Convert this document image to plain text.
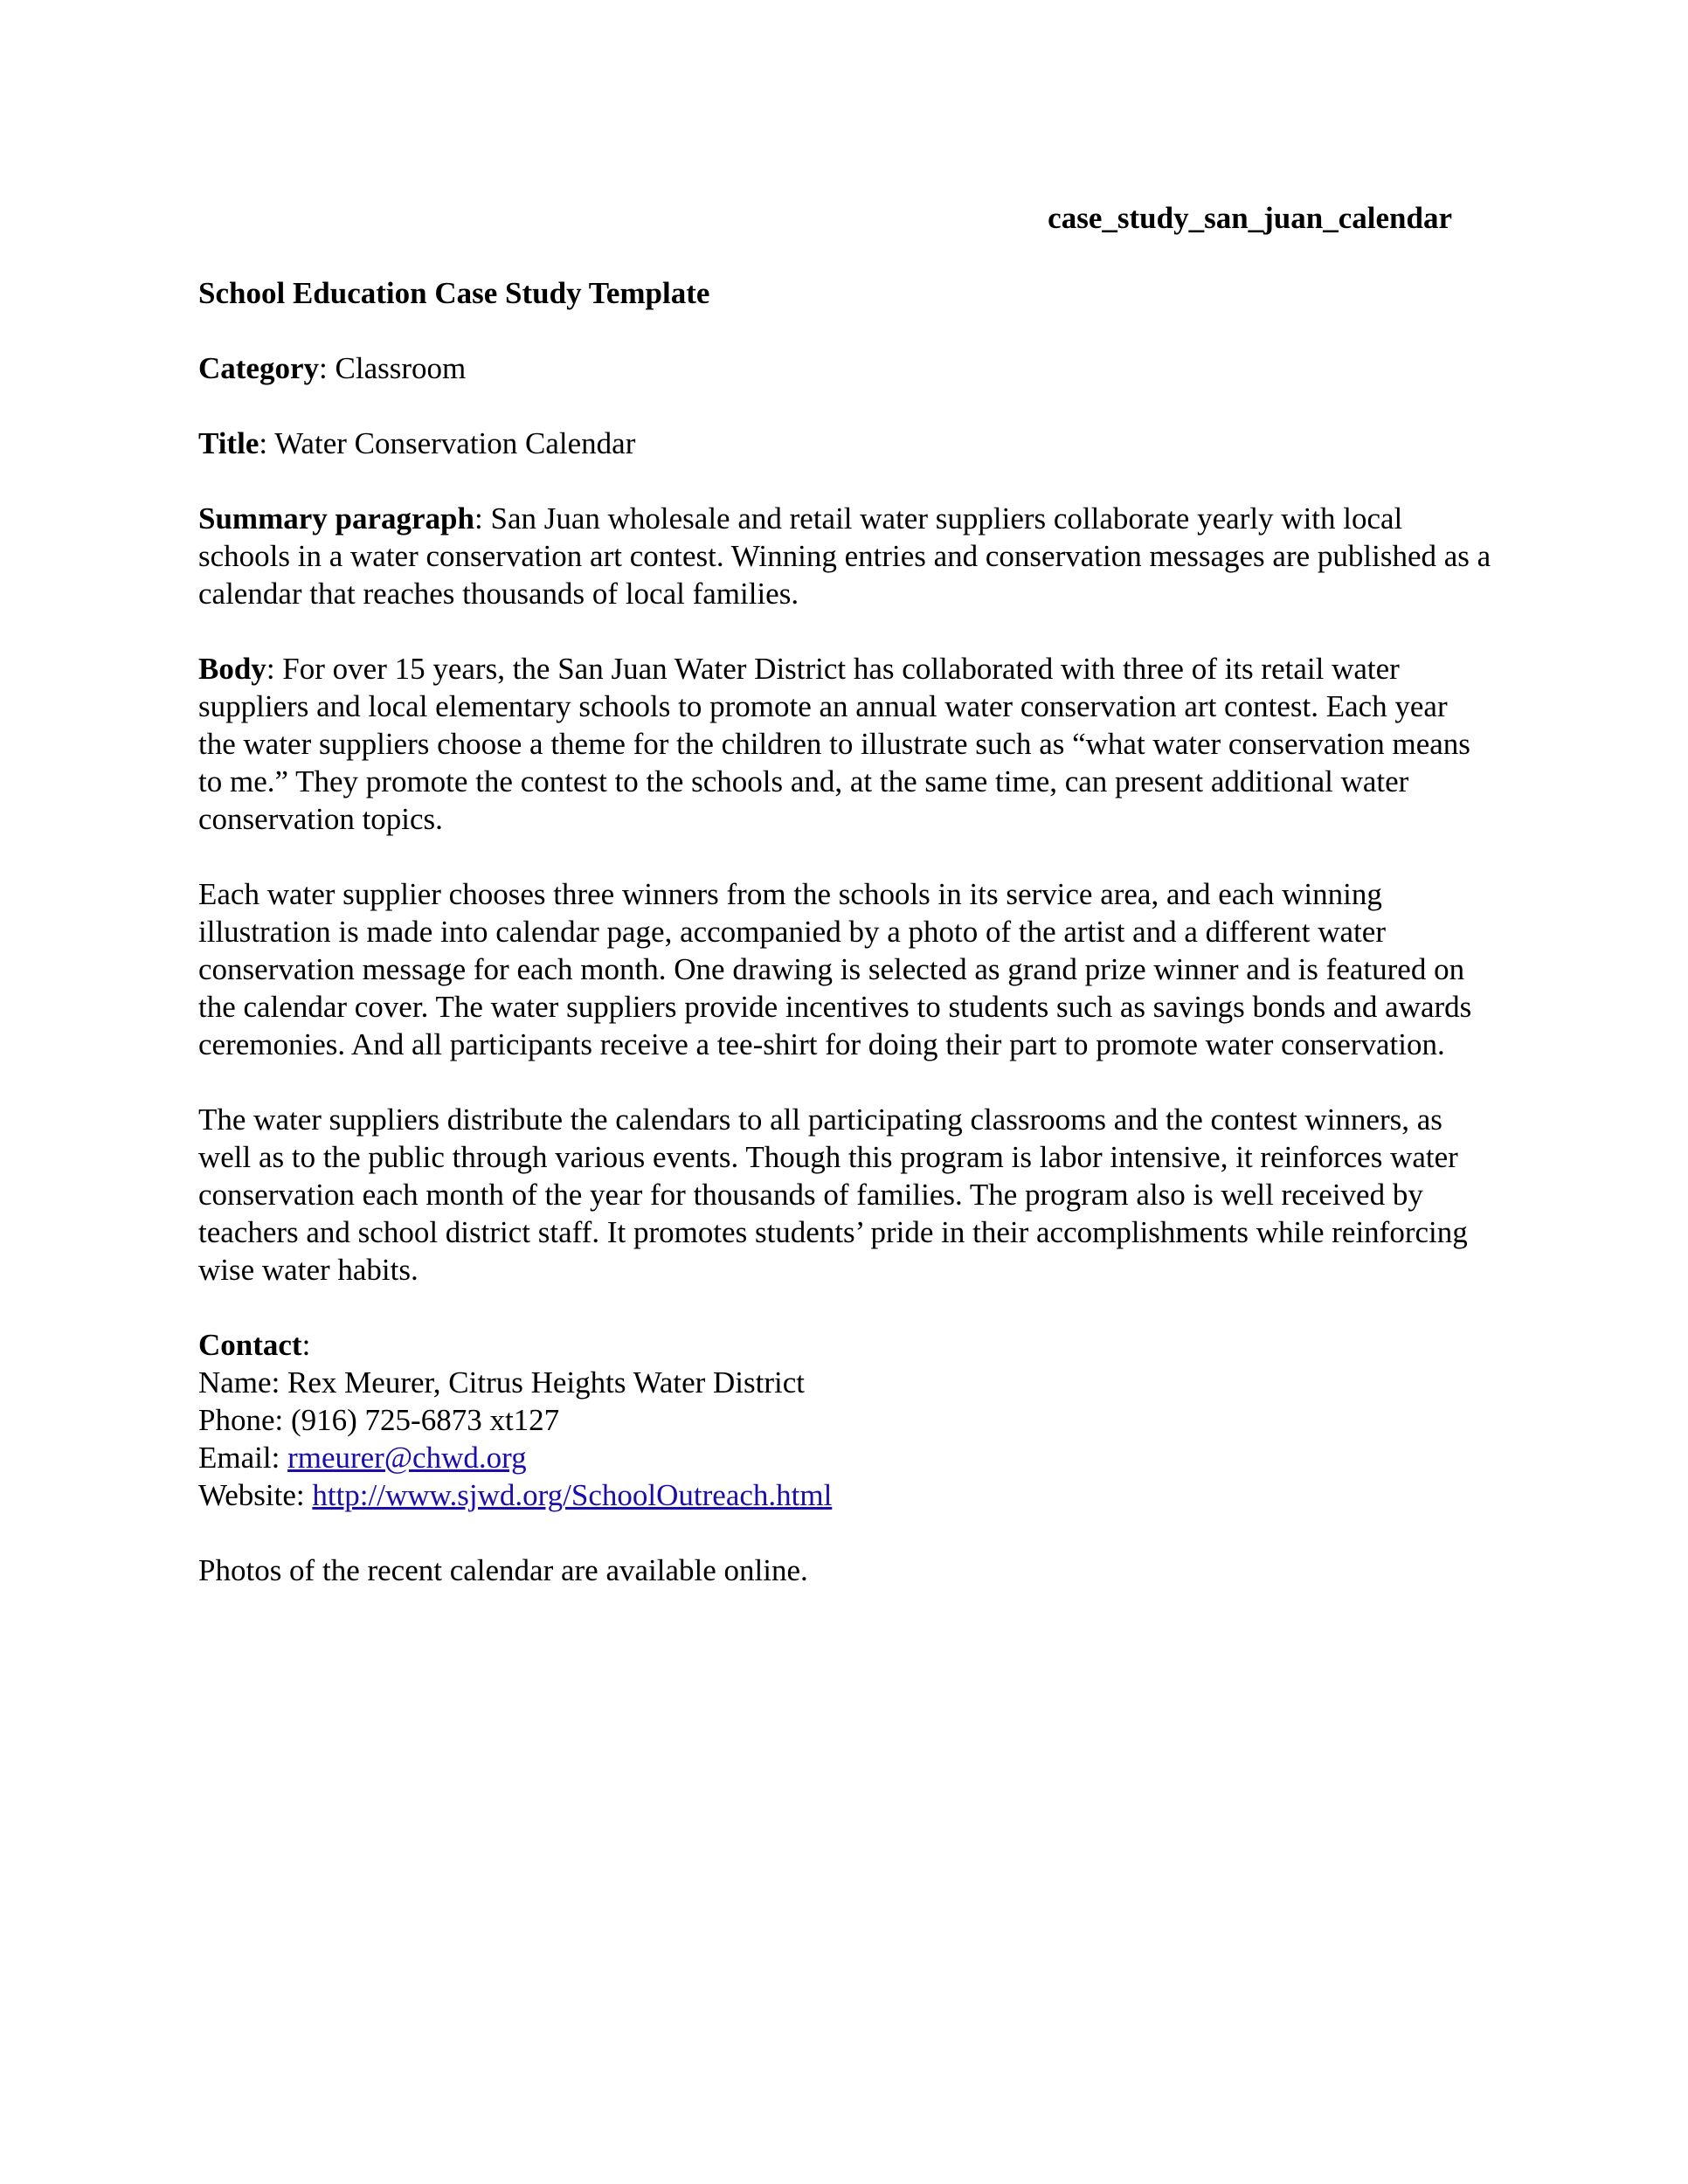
case_study_san_juan_calendar

School Education Case Study Template

Category: Classroom

Title: Water Conservation Calendar

Summary paragraph: San Juan wholesale and retail water suppliers collaborate yearly with local schools in a water conservation art contest. Winning entries and conservation messages are published as a calendar that reaches thousands of local families.

Body: For over 15 years, the San Juan Water District has collaborated with three of its retail water suppliers and local elementary schools to promote an annual water conservation art contest. Each year the water suppliers choose a theme for the children to illustrate such as “what water conservation means to me.” They promote the contest to the schools and, at the same time, can present additional water conservation topics.

Each water supplier chooses three winners from the schools in its service area, and each winning illustration is made into calendar page, accompanied by a photo of the artist and a different water conservation message for each month. One drawing is selected as grand prize winner and is featured on the calendar cover. The water suppliers provide incentives to students such as savings bonds and awards ceremonies. And all participants receive a tee-shirt for doing their part to promote water conservation.

The water suppliers distribute the calendars to all participating classrooms and the contest winners, as well as to the public through various events. Though this program is labor intensive, it reinforces water conservation each month of the year for thousands of families. The program also is well received by teachers and school district staff. It promotes students’ pride in their accomplishments while reinforcing wise water habits.

Contact:

Name: Rex Meurer, Citrus Heights Water District

Phone: (916) 725-6873 xt127

Email: rmeurer@chwd.org

Website: http://www.sjwd.org/SchoolOutreach.html

Photos of the recent calendar are available online.
